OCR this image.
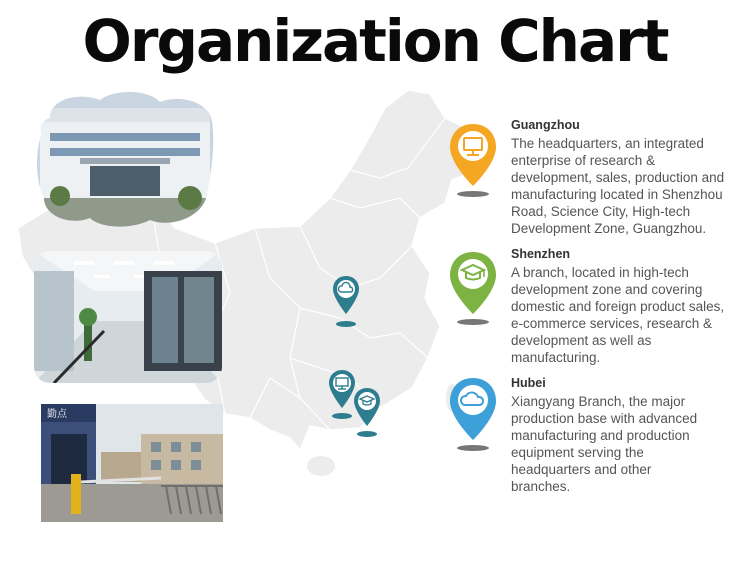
Organization Chart
勤点
Guangzhou
The headquarters, an integrated
enterprise of research &
development, sales, production and
manufacturing located in Shenzhou
Road, Science City, High-tech
Development Zone, Guangzhou.
Shenzhen
A branch, located in high-tech
development zone and covering
domestic and foreign product sales,
e-commerce services, research &
development as well as
manufacturing.
Hubei
Xiangyang Branch, the major
production base with advanced
manufacturing and production
equipment serving the
headquarters and other
branches.
